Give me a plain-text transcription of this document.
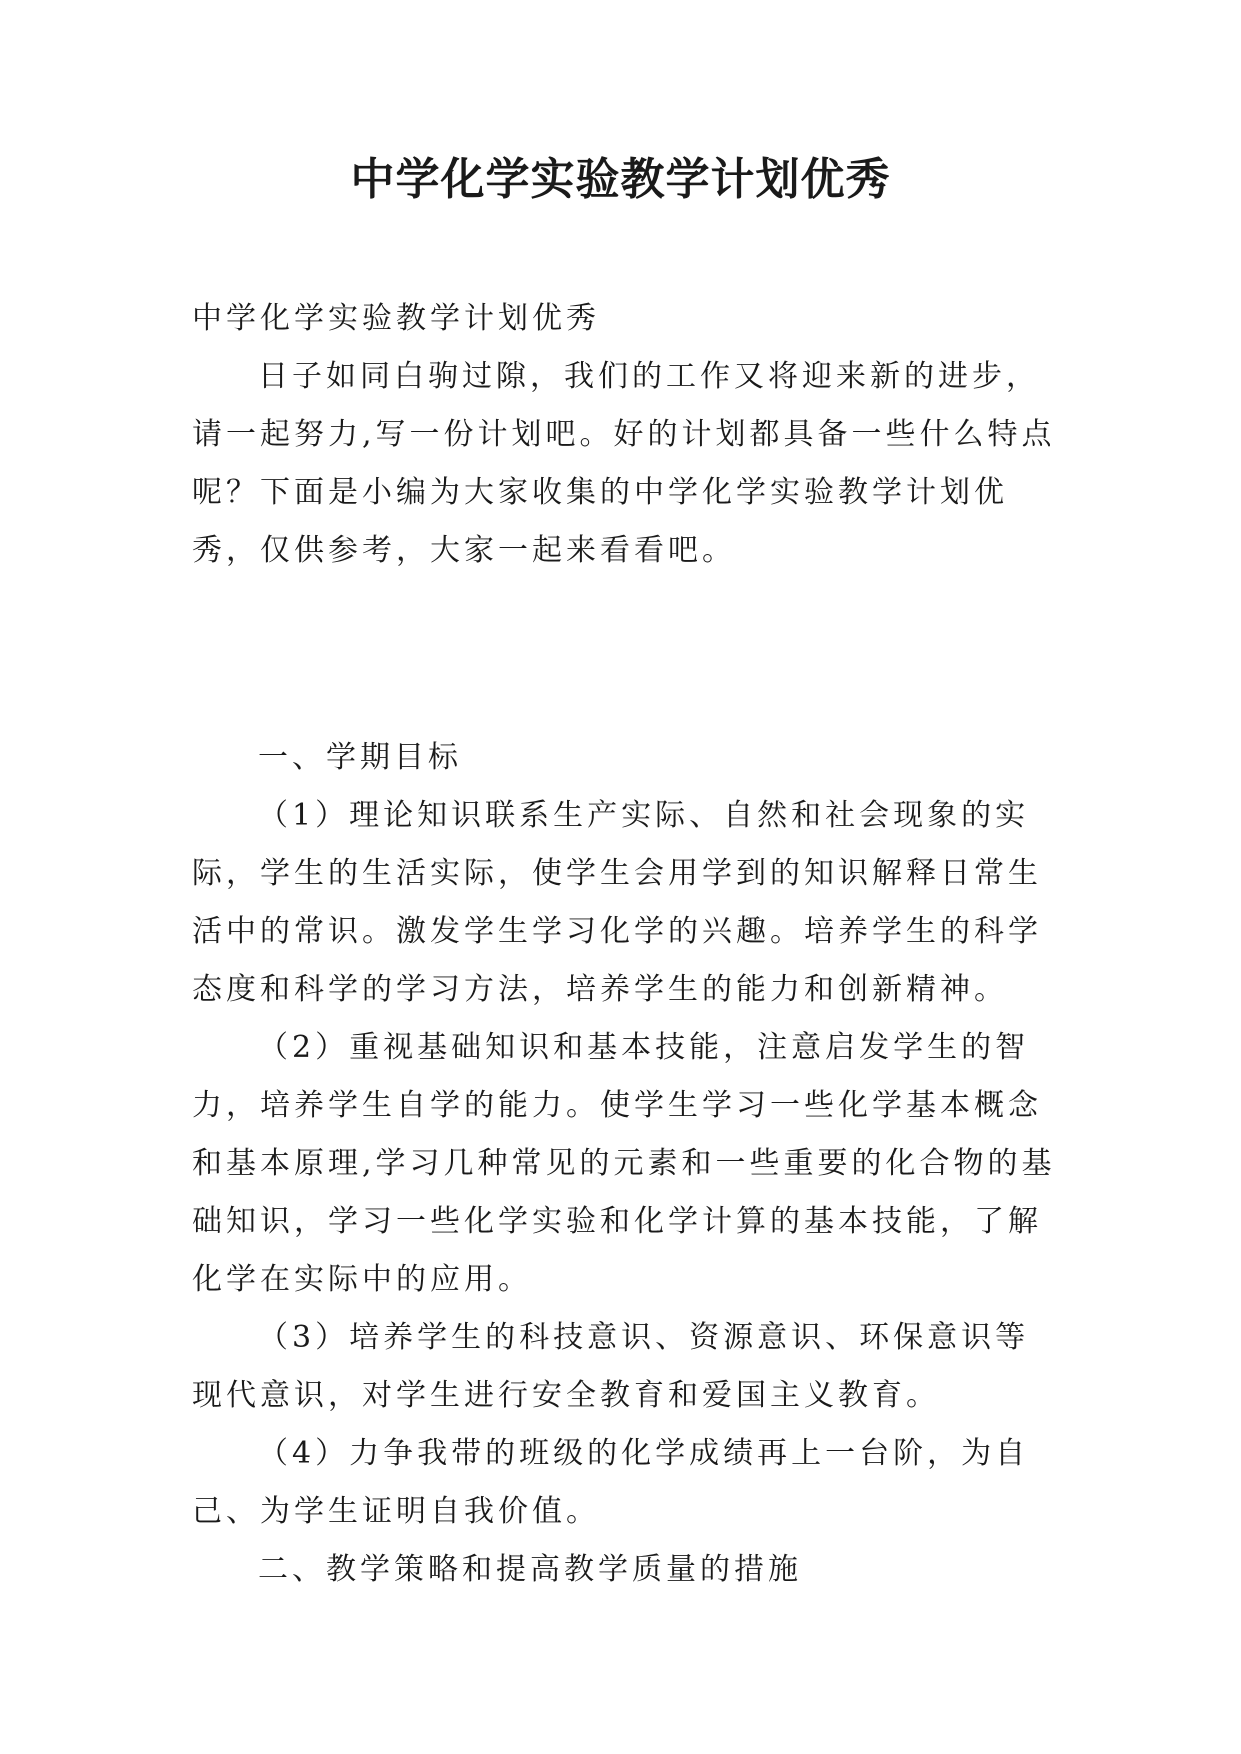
中学化学实验教学计划优秀

中学化学实验教学计划优秀

日子如同白驹过隙，我们的工作又将迎来新的进步，请一起努力,写一份计划吧。好的计划都具备一些什么特点呢？下面是小编为大家收集的中学化学实验教学计划优秀，仅供参考，大家一起来看看吧。

一、学期目标

（1）理论知识联系生产实际、自然和社会现象的实际，学生的生活实际，使学生会用学到的知识解释日常生活中的常识。激发学生学习化学的兴趣。培养学生的科学态度和科学的学习方法，培养学生的能力和创新精神。

（2）重视基础知识和基本技能，注意启发学生的智力，培养学生自学的能力。使学生学习一些化学基本概念和基本原理,学习几种常见的元素和一些重要的化合物的基础知识，学习一些化学实验和化学计算的基本技能，了解化学在实际中的应用。

（3）培养学生的科技意识、资源意识、环保意识等现代意识，对学生进行安全教育和爱国主义教育。

（4）力争我带的班级的化学成绩再上一台阶，为自己、为学生证明自我价值。

二、教学策略和提高教学质量的措施
